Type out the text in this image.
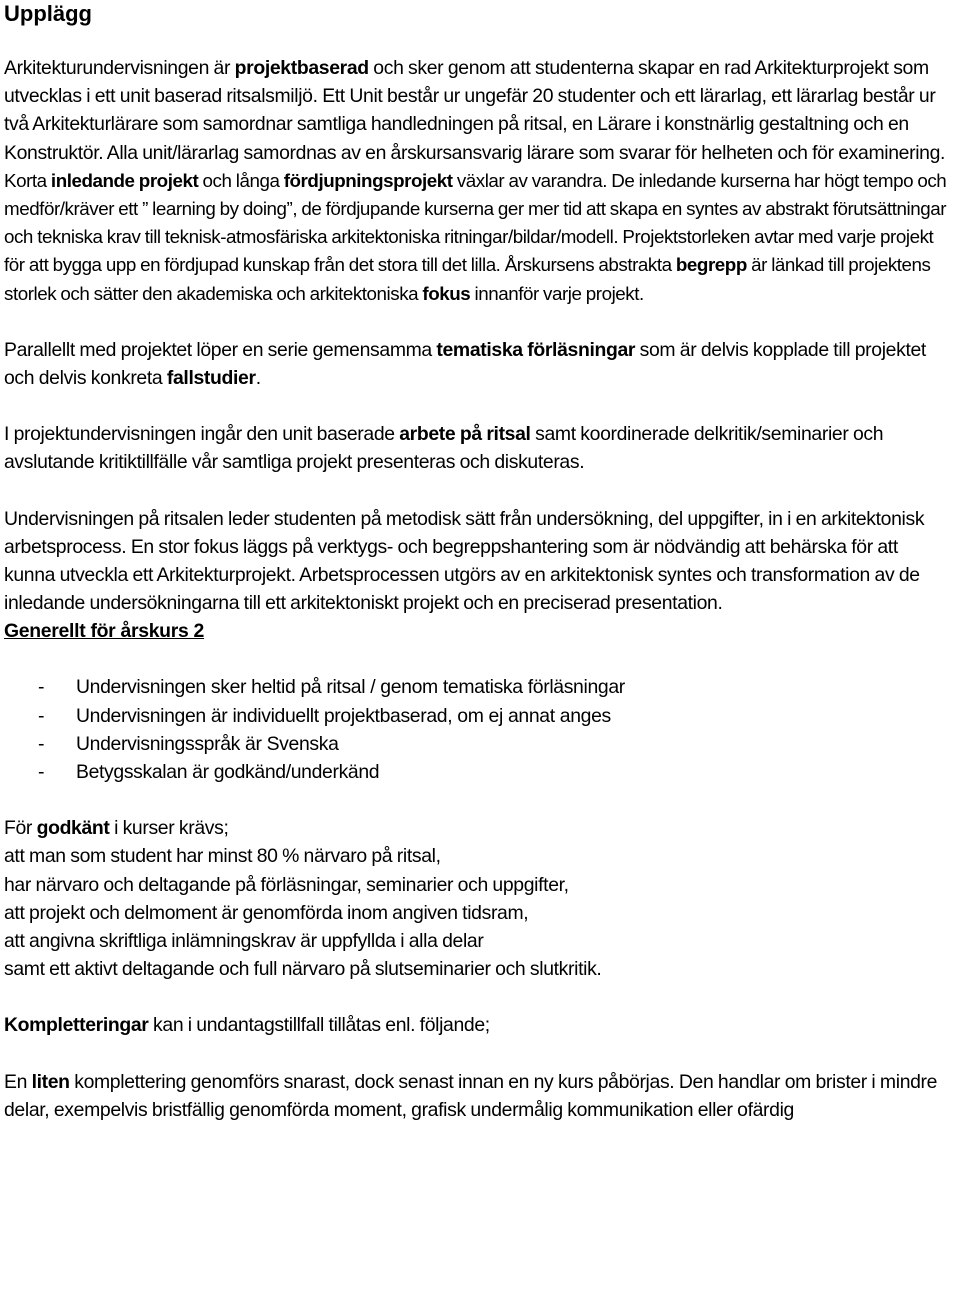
Upplägg

Arkitekturundervisningen är projektbaserad och sker genom att studenterna skapar en rad Arkitekturprojekt som utvecklas i ett unit baserad ritsalsmiljö. Ett Unit består ur ungefär 20 studenter och ett lärarlag, ett lärarlag består ur två Arkitekturlärare som samordnar samtliga handledningen på ritsal, en Lärare i konstnärlig gestaltning och en Konstruktör. Alla unit/lärarlag samordnas av en årskursansvarig lärare som svarar för helheten och för examinering.

Korta inledande projekt och långa fördjupningsprojekt växlar av varandra. De inledande kurserna har högt tempo och medför/kräver ett ” learning by doing”, de fördjupande kurserna ger mer tid att skapa en syntes av abstrakt förutsättningar och tekniska krav till teknisk-atmosfäriska arkitektoniska ritningar/bildar/modell. Projektstorleken avtar med varje projekt för att bygga upp en fördjupad kunskap från det stora till det lilla. Årskursens abstrakta begrepp är länkad till projektens storlek och sätter den akademiska och arkitektoniska fokus innanför varje projekt.

Parallellt med projektet löper en serie gemensamma tematiska förläsningar som är delvis kopplade till projektet och delvis konkreta fallstudier.

I projektundervisningen ingår den unit baserade arbete på ritsal samt koordinerade delkritik/seminarier och avslutande kritiktillfälle vår samtliga projekt presenteras och diskuteras.

Undervisningen på ritsalen leder studenten på metodisk sätt från undersökning, del uppgifter, in i en arkitektonisk arbetsprocess. En stor fokus läggs på verktygs- och begreppshantering som är nödvändig att behärska för att kunna utveckla ett Arkitekturprojekt. Arbetsprocessen utgörs av en arkitektonisk syntes och transformation av de inledande undersökningarna till ett arkitektoniskt projekt och en preciserad presentation.

Generellt för årskurs 2
-	Undervisningen sker heltid på ritsal / genom tematiska förläsningar
-	Undervisningen är individuellt projektbaserad, om ej annat anges
-	Undervisningsspråk är Svenska
-	Betygsskalan är godkänd/underkänd

För godkänt i kurser krävs;
att man som student har minst 80 % närvaro på ritsal,
har närvaro och deltagande på förläsningar, seminarier och uppgifter,
att projekt och delmoment är genomförda inom angiven tidsram,
att angivna skriftliga inlämningskrav är uppfyllda i alla delar
samt ett aktivt deltagande och full närvaro på slutseminarier och slutkritik.

Kompletteringar kan i undantagstillfall tillåtas enl. följande;

En liten komplettering genomförs snarast, dock senast innan en ny kurs påbörjas. Den handlar om brister i mindre delar, exempelvis bristfällig genomförda moment, grafisk undermålig kommunikation eller ofärdig
